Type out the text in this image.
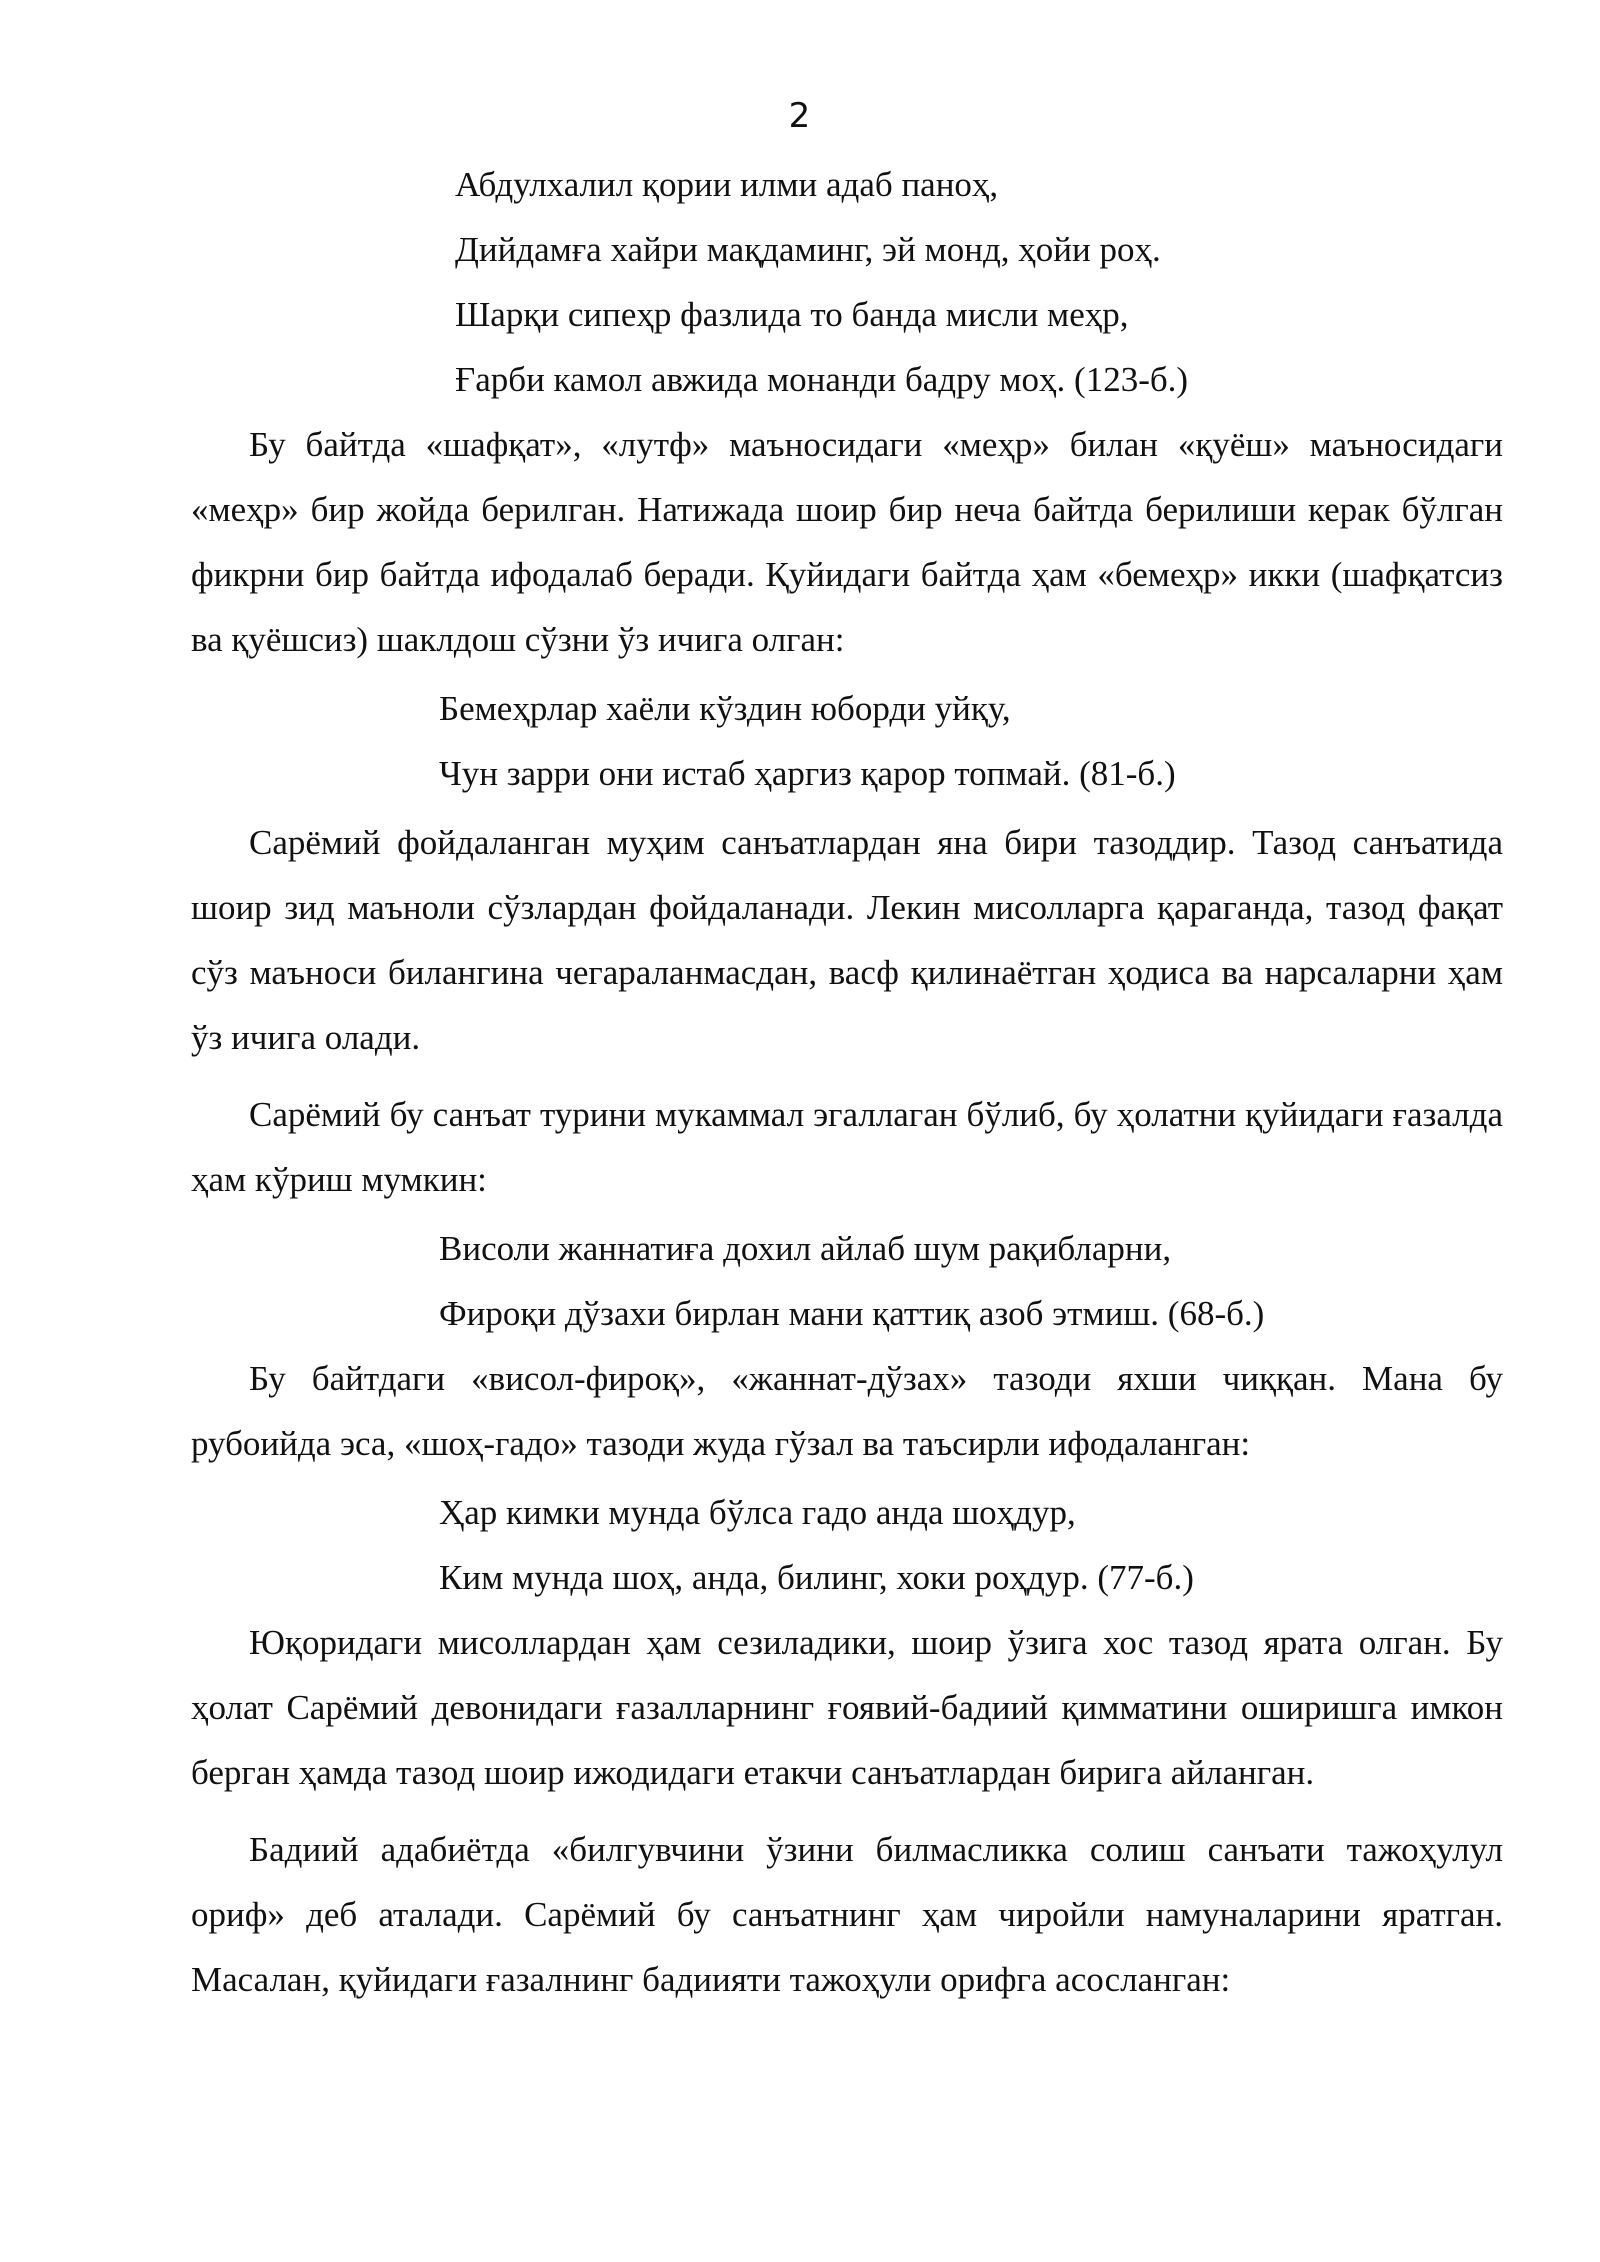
2

Абдулхалил қории илми адаб паноҳ,

Дийдамға хайри мақдаминг, эй монд, ҳойи роҳ.

Шарқи сипеҳр фазлида то банда мисли меҳр,

Ғарби камол авжида монанди бадру моҳ. (123-б.)

Бу байтда «шафқат», «лутф» маъносидаги «меҳр» билан «қуёш» маъносидаги «меҳр» бир жойда берилган. Натижада шоир бир неча байтда берилиши керак бўлган фикрни бир байтда ифодалаб беради. Қуйидаги байтда ҳам «бемеҳр» икки (шафқатсиз ва қуёшсиз) шаклдош сўзни ўз ичига олган:

Бемеҳрлар хаёли кўздин юборди уйқу,

Чун зарри они истаб ҳаргиз қарор топмай. (81-б.)

Сарёмий фойдаланган муҳим санъатлардан яна бири тазоддир. Тазод санъатида шоир зид маъноли сўзлардан фойдаланади. Лекин мисолларга қараганда, тазод фақат сўз маъноси билангина чегараланмасдан, васф қилинаётган ҳодиса ва нарсаларни ҳам ўз ичига олади.

Сарёмий бу санъат турини мукаммал эгаллаган бўлиб, бу ҳолатни қуйидаги ғазалда ҳам кўриш мумкин:

Висоли жаннатиға дохил айлаб шум рақибларни,

Фироқи дўзахи бирлан мани қаттиқ азоб этмиш. (68-б.)

Бу байтдаги «висол-фироқ», «жаннат-дўзах» тазоди яхши чиққан. Мана бу рубоийда эса, «шоҳ-гадо» тазоди жуда гўзал ва таъсирли ифодаланган:

Ҳар кимки мунда бўлса гадо анда шоҳдур,

Ким мунда шоҳ, анда, билинг, хоки роҳдур. (77-б.)

Юқоридаги мисоллардан ҳам сезиладики, шоир ўзига хос тазод ярата олган. Бу ҳолат Сарёмий девонидаги ғазалларнинг ғоявий-бадиий қимматини оширишга имкон берган ҳамда тазод шоир ижодидаги етакчи санъатлардан бирига айланган.

Бадиий адабиётда «билгувчини ўзини билмасликка солиш санъати тажоҳулул ориф» деб аталади. Сарёмий бу санъатнинг ҳам чиройли намуналарини яратган. Масалан, қуйидаги ғазалнинг бадиияти тажоҳули орифга асосланган:
